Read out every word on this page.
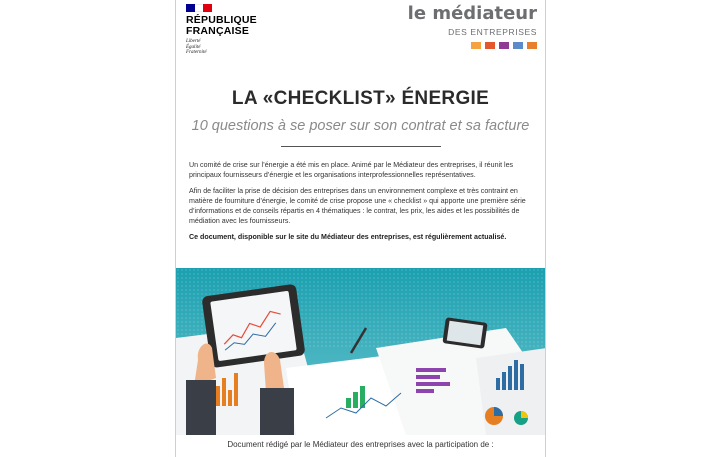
RÉPUBLIQUE
FRANÇAISE
Liberté
Égalité
Fraternité
le médiateur
DES ENTREPRISES
LA «CHECKLIST» ÉNERGIE
10 questions à se poser sur son contrat et sa facture

Un comité de crise sur l’énergie a été mis en place. Animé par le Médiateur des entreprises, il réunit les principaux fournisseurs d’énergie et les organisations interprofessionnelles représentatives.

Afin de faciliter la prise de décision des entreprises dans un environnement complexe et très contraint en matière de fourniture d’énergie, le comité de crise propose une « checklist » qui apporte une première série d’informations et de conseils répartis en 4 thématiques : le contrat, les prix, les aides et les possibilités de médiation avec les fournisseurs.

Ce document, disponible sur le site du Médiateur des entreprises, est régulièrement actualisé.

Document rédigé par le Médiateur des entreprises avec la participation de :
